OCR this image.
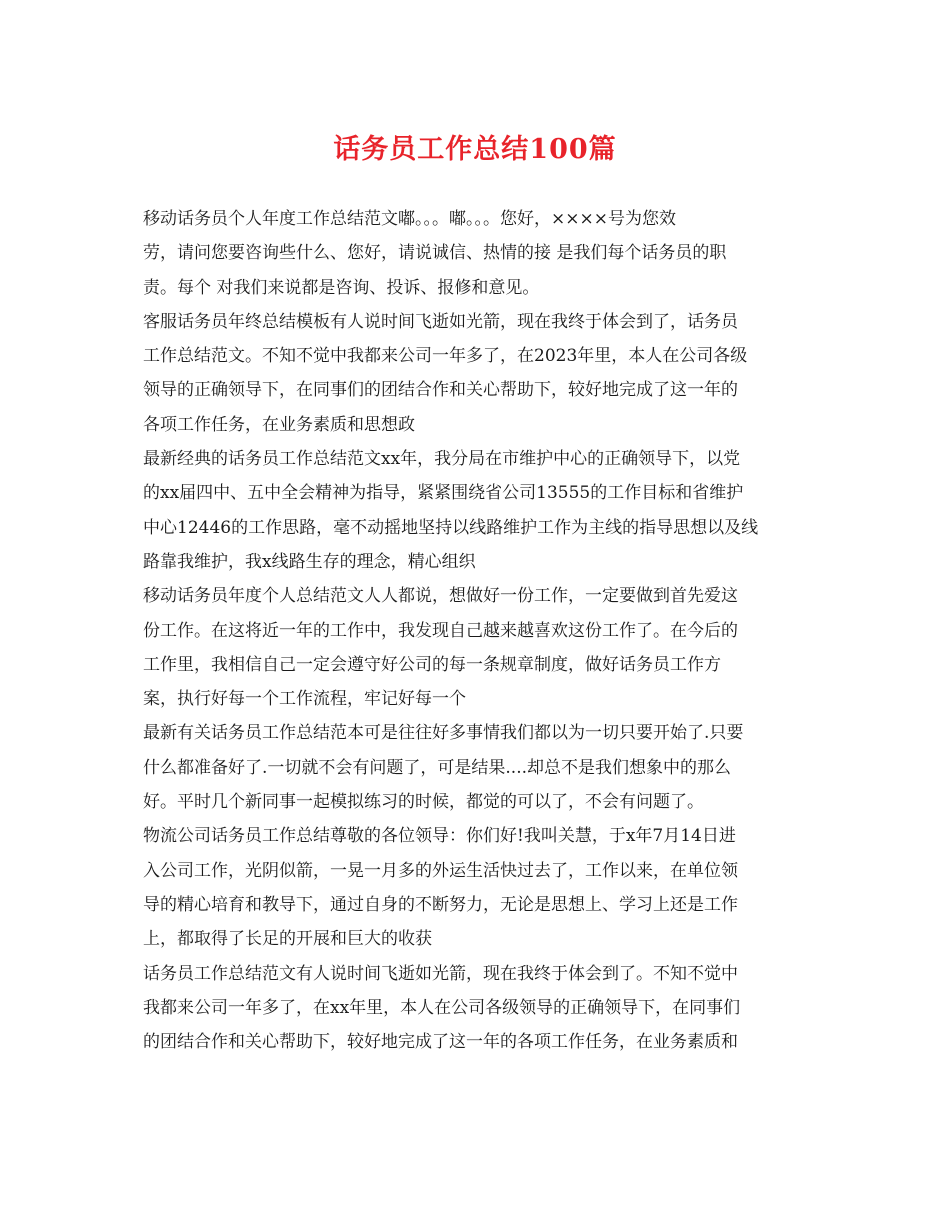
话务员工作总结100篇

移动话务员个人年度工作总结范文嘟。。。嘟。。。您好，××××号为您效
劳，请问您要咨询些什么、您好，请说诚信、热情的接 是我们每个话务员的职
责。每个 对我们来说都是咨询、投诉、报修和意见。

客服话务员年终总结模板有人说时间飞逝如光箭，现在我终于体会到了，话务员
工作总结范文。不知不觉中我都来公司一年多了，在2023年里，本人在公司各级
领导的正确领导下，在同事们的团结合作和关心帮助下，较好地完成了这一年的
各项工作任务，在业务素质和思想政

最新经典的话务员工作总结范文xx年，我分局在市维护中心的正确领导下，以党
的xx届四中、五中全会精神为指导，紧紧围绕省公司13555的工作目标和省维护
中心12446的工作思路，毫不动摇地坚持以线路维护工作为主线的指导思想以及线
路靠我维护，我x线路生存的理念，精心组织

移动话务员年度个人总结范文人人都说，想做好一份工作，一定要做到首先爱这
份工作。在这将近一年的工作中，我发现自己越来越喜欢这份工作了。在今后的
工作里，我相信自己一定会遵守好公司的每一条规章制度，做好话务员工作方
案，执行好每一个工作流程，牢记好每一个

最新有关话务员工作总结范本可是往往好多事情我们都以为一切只要开始了.只要
什么都准备好了.一切就不会有问题了，可是结果....却总不是我们想象中的那么
好。平时几个新同事一起模拟练习的时候，都觉的可以了，不会有问题了。

物流公司话务员工作总结尊敬的各位领导：你们好!我叫关慧，于x年7月14日进
入公司工作，光阴似箭，一晃一月多的外运生活快过去了，工作以来，在单位领
导的精心培育和教导下，通过自身的不断努力，无论是思想上、学习上还是工作
上，都取得了长足的开展和巨大的收获

话务员工作总结范文有人说时间飞逝如光箭，现在我终于体会到了。不知不觉中
我都来公司一年多了，在xx年里，本人在公司各级领导的正确领导下，在同事们
的团结合作和关心帮助下，较好地完成了这一年的各项工作任务，在业务素质和
